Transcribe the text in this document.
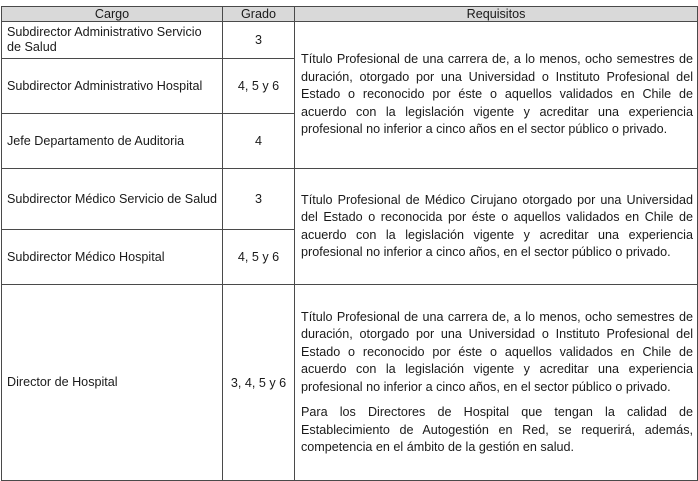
Cargo	Grado	Requisitos
Subdirector Administrativo Servicio de Salud	3	Título Profesional de una carrera de, a lo menos, ocho semestres de duración, otorgado por una Universidad o Instituto Profesional del Estado o reconocido por éste o aquellos validados en Chile de acuerdo con la legislación vigente y acreditar una experiencia profesional no inferior a cinco años en el sector público o privado.

Subdirector Administrativo Hospital	4, 5 y 6	
Jefe Departamento de Auditoria	4	
Subdirector Médico Servicio de Salud	3	Título Profesional de Médico Cirujano otorgado por una Universidad del Estado o reconocida por éste o aquellos validados en Chile de acuerdo con la legislación vigente y acreditar una experiencia profesional no inferior a cinco años, en el sector público o privado.

Subdirector Médico Hospital	4, 5 y 6	
Director de Hospital	3, 4, 5 y 6	Título Profesional de una carrera de, a lo menos, ocho semestres de duración, otorgado por una Universidad o Instituto Profesional del Estado o reconocido por éste o aquellos validados en Chile de acuerdo con la legislación vigente y acreditar una experiencia profesional no inferior a cinco años, en el sector público o privado.

Para los Directores de Hospital que tengan la calidad de Establecimiento de Autogestión en Red, se requerirá, además, competencia en el ámbito de la gestión en salud.
